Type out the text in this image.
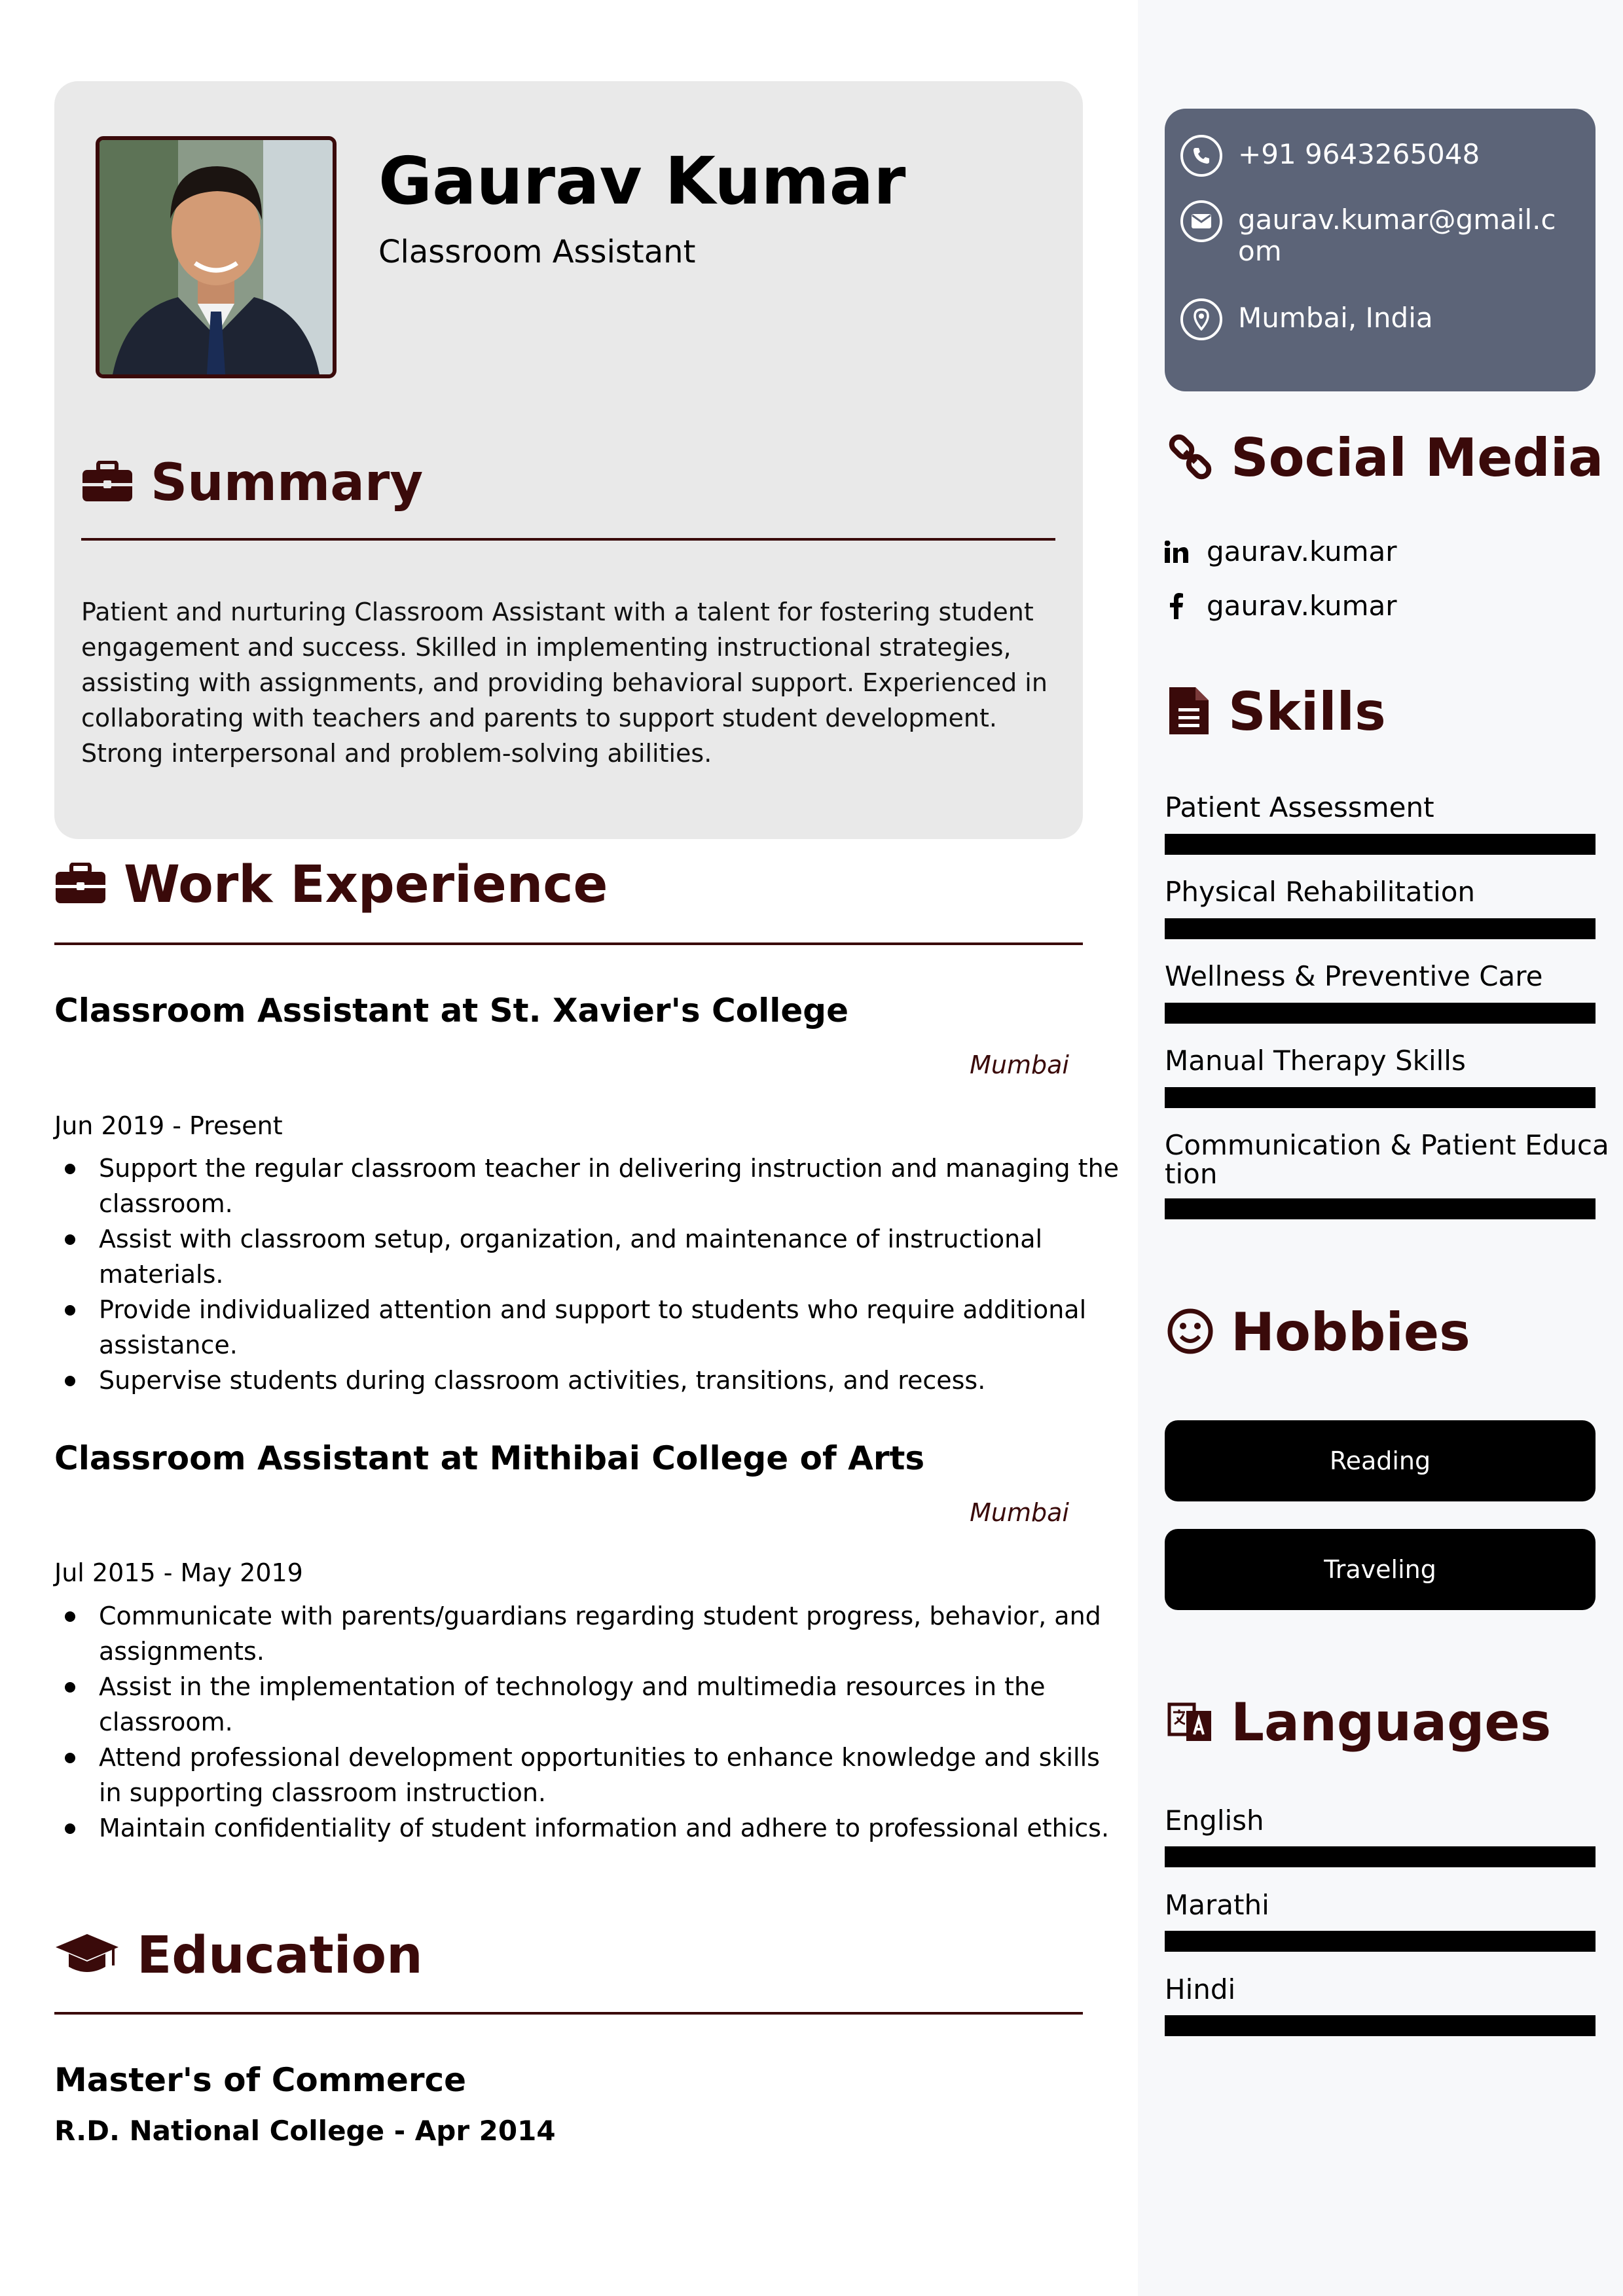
Gaurav Kumar
Classroom Assistant
Summary
Patient and nurturing Classroom Assistant with a talent for fostering student engagement and success. Skilled in implementing instructional strategies, assisting with assignments, and providing behavioral support. Experienced in collaborating with teachers and parents to support student development. Strong interpersonal and problem-solving abilities.
Work Experience
Classroom Assistant at St. Xavier's College
Mumbai
Jun 2019 - Present
Support the regular classroom teacher in delivering instruction and managing the classroom.
Assist with classroom setup, organization, and maintenance of instructional materials.
Provide individualized attention and support to students who require additional assistance.
Supervise students during classroom activities, transitions, and recess.
Classroom Assistant at Mithibai College of Arts
Mumbai
Jul 2015 - May 2019
Communicate with parents/guardians regarding student progress, behavior, and assignments.
Assist in the implementation of technology and multimedia resources in the classroom.
Attend professional development opportunities to enhance knowledge and skills in supporting classroom instruction.
Maintain confidentiality of student information and adhere to professional ethics.
Education
Master's of Commerce
R.D. National College - Apr 2014
+91 9643265048
gaurav.kumar@gmail.com
Mumbai, India
Social Media
gaurav.kumar
gaurav.kumar
Skills
Patient Assessment
Physical Rehabilitation
Wellness & Preventive Care
Manual Therapy Skills
Communication & Patient Education
Hobbies
Reading
Traveling
Languages
English
Marathi
Hindi
